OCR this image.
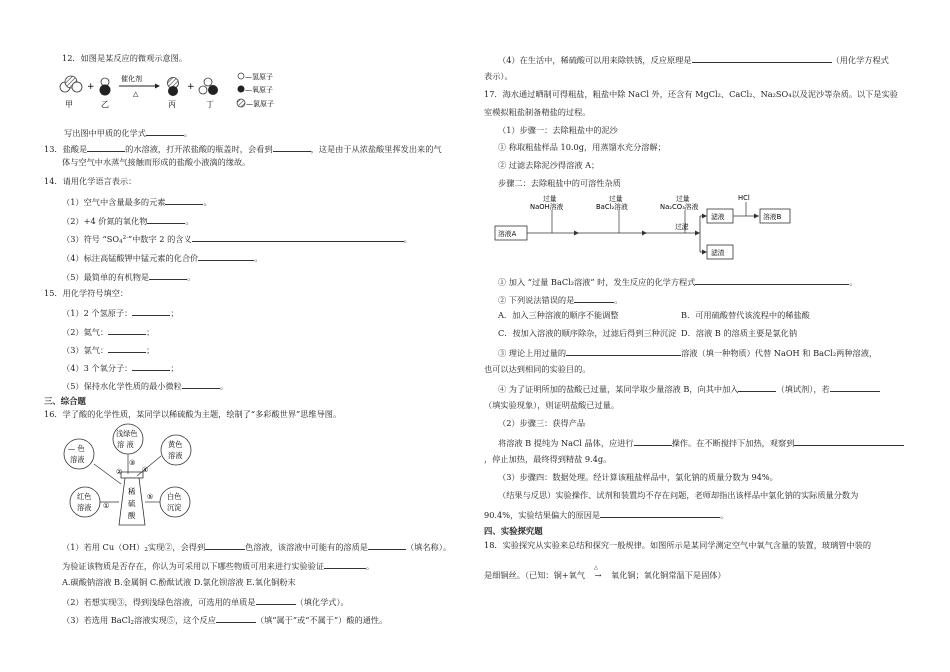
12．如图是某反应的微观示意图。
甲
+
乙
催化剂
△
丙
+
丁
—氢原子
—氧原子
—氯原子
写出图中甲质的化学式	。
13．盐酸是	的水溶液，打开浓盐酸的瓶盖时，会看到	，这是由于从浓盐酸里挥发出来的气
体与空气中水蒸气接触而形成的盐酸小液滴的缘故。
14．请用化学语言表示：
（1）空气中含量最多的元素	。
（2）+4 价氮的氧化物	。
（3）符号 “$SO4^{2-}$”中数字 2 的含义	。
（4）标注高锰酸钾中锰元素的化合价	。
（5）最简单的有机物是	。
15．用化学符号填空：
（1）2 个氢原子：	；
（2）氦气：	；
（3）氯气：	；
（4）3 个氧分子：	；
（5）保持水化学性质的最小微粒	。
三、综合题
16．学了酸的化学性质，某同学以稀硫酸为主题，绘制了“多彩酸世界”思维导图。
稀
硫
酸
— 色
溶液
浅绿色
溶 液	黄色
溶液
红色
溶液
白色
沉淀
①
②
③
④
⑤
（1）若用 Cu（OH）2实现②，会得到	色溶液，该溶液中可能有的溶质是	（填名称）。
为验证该物质是否存在，你认为可采用以下哪些物质可用来进行实验验证	。
A.碳酸钠溶液 B.金属铜 C.酚酞试液 D.氯化钡溶液 E.氧化铜粉末
（2）若想实现③，得到浅绿色溶液，可选用的单质是	（填化学式）。
（3）若选用 BaCl2溶液实现⑤，这个反应	（填“属于”或“不属于”）酸的通性。
（4）在生活中，稀硫酸可以用来除铁锈，反应原理是	（用化学方程式
表示）。
17．海水通过晒制可得粗盐，粗盐中除 NaCl 外，还含有 MgCl₂、CaCl₂、Na₂SO₄以及泥沙等杂质。以下是实验
室模拟粗盐制备精盐的过程。
（1）步骤一：去除粗盐中的泥沙
① 称取粗盐样品 10.0g，用蒸馏水充分溶解；
② 过滤去除泥沙得溶液 A；
步骤二：去除粗盐中的可溶性杂质
溶液A
过量
NaOH溶液
过量
BaCl₂溶液
过量
Na₂CO₃溶液
过滤
滤液
滤渣
HCl
溶液B
① 加入 “过量 BaCl₂溶液” 时，发生反应的化学方程式	。
② 下列说法错误的是	。
A．加入三种溶液的顺序不能调整	B．可用硫酸替代该流程中的稀盐酸
C．按加入溶液的顺序除杂，过滤后得到三种沉淀 D．溶液 B 的溶质主要是氯化钠
③ 理论上用过量的	溶液（填一种物质）代替 NaOH 和 BaCl₂两种溶液，
也可以达到相同的实验目的。
④ 为了证明所加的盐酸已过量，某同学取少量溶液 B，向其中加入	（填试剂），若
（填实验现象），则证明盐酸已过量。
（2）步骤三：获得产品
将溶液 B 提纯为 NaCl 晶体，应进行	操作。在不断搅拌下加热，观察到
，停止加热，最终得到精盐 9.4g。
（3）步骤四：数据处理。经计算该粗盐样品中，氯化钠的质量分数为 94%。
（结果与反思）实验操作、试剂和装置均不存在问题，老师却指出该样品中氯化钠的实际质量分数为
90.4%，实验结果偏大的原因是	。
四、实验探究题
18．实验探究从实验来总结和探究一般规律。如图所示是某同学测定空气中氧气含量的装置，玻璃管中装的
是细铜丝。（已知：铜+氧气
△
→ 氧化铜；氧化铜常温下是固体）
